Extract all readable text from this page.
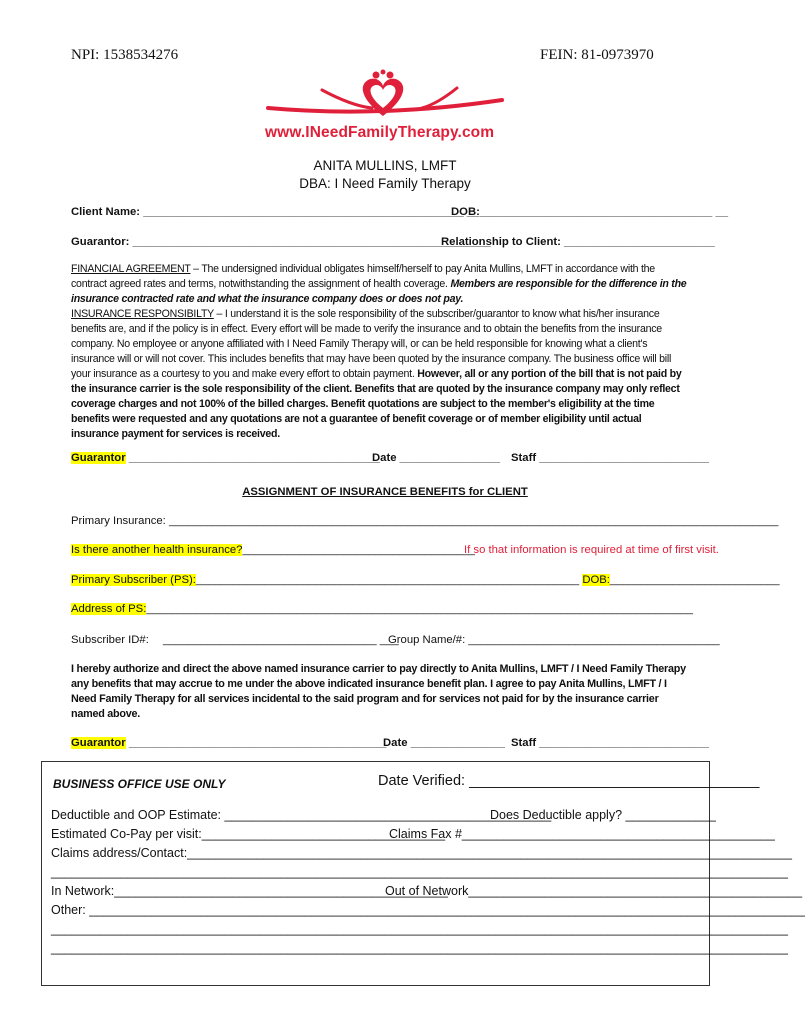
NPI: 1538534276	FEIN: 81-0973970
www.INeedFamilyTherapy.com
ANITA MULLINS, LMFT
DBA: I Need Family Therapy
Client Name: ___________________________________________________ __
DOB:_____________________________________ __
Guarantor: _________________________________________________________
Relationship to Client: ________________________

FINANCIAL AGREEMENT – The undersigned individual obligates himself/herself to pay Anita Mullins, LMFT in accordance with the contract agreed rates and terms, notwithstanding the assignment of health coverage. Members are responsible for the difference in the insurance contracted rate and what the insurance company does or does not pay.

INSURANCE RESPONSIBILTY – I understand it is the sole responsibility of the subscriber/guarantor to know what his/her insurance benefits are, and if the policy is in effect. Every effort will be made to verify the insurance and to obtain the benefits from the insurance company. No employee or anyone affiliated with I Need Family Therapy will, or can be held responsible for knowing what a client's insurance will or will not cover. This includes benefits that may have been quoted by the insurance company. The business office will bill your insurance as a courtesy to you and make every effort to obtain payment. However, all or any portion of the bill that is not paid by the insurance carrier is the sole responsibility of the client. Benefits that are quoted by the insurance company may only reflect coverage charges and not 100% of the billed charges. Benefit quotations are subject to the member's eligibility at the time benefits were requested and any quotations are not a guarantee of benefit coverage or of member eligibility until actual insurance payment for services is received.

Guarantor ________________________________________
Date ________________ Staff ___________________________
ASSIGNMENT OF INSURANCE BENEFITS for CLIENT
Primary Insurance: _________________________________________________________________________________________________
Is there another health insurance?_____________________________________
If so that information is required at time of first visit.
Primary Subscriber (PS):_____________________________________________________________ DOB:___________________________
Address of PS:_______________________________________________________________________________________
Subscriber ID#: __________________________________ ___
Group Name/#: ________________________________________
I hereby authorize and direct the above named insurance carrier to pay directly to Anita Mullins, LMFT / I Need Family Therapy any benefits that may accrue to me under the above indicated insurance benefit plan. I agree to pay Anita Mullins, LMFT / I Need Family Therapy for all services incidental to the said program and for services not paid for by the insurance carrier named above.
Guarantor _________________________________________
Date _______________ Staff ___________________________
BUSINESS OFFICE USE ONLY	Date Verified: ____________________________________
Deductible and OOP Estimate: _______________________________________________
Does Deductible apply? _____________
Estimated Co-Pay per visit:___________________________________
Claims Fax #_____________________________________________
Claims address/Contact:_______________________________________________________________________________________
__________________________________________________________________________________________________________
In Network:________________________________________________
Out of Network________________________________________________
Other: _______________________________________________________________________________________________________
__________________________________________________________________________________________________________
__________________________________________________________________________________________________________
